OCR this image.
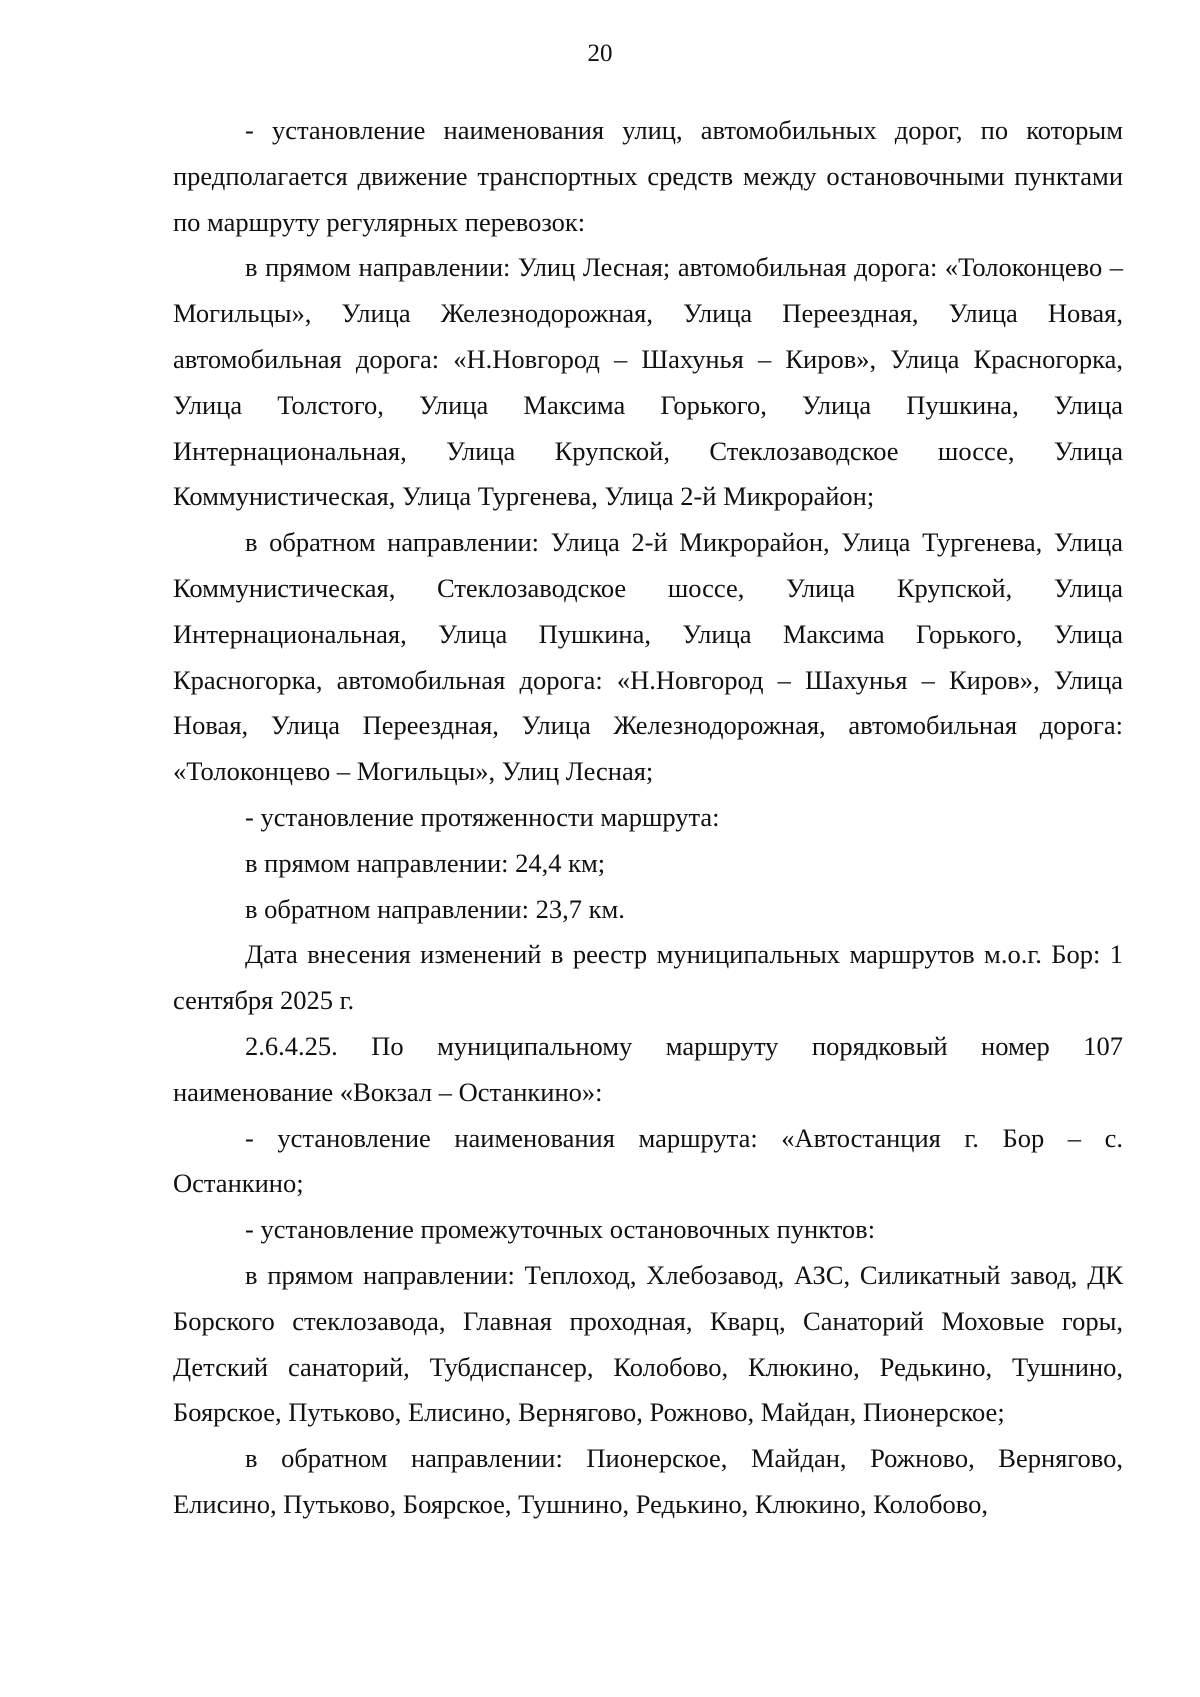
20

- установление наименования улиц, автомобильных дорог, по которым предполагается движение транспортных средств между остановочными пунктами по маршруту регулярных перевозок:

в прямом направлении: Улиц Лесная; автомобильная дорога: «Толоконцево – Могильцы», Улица Железнодорожная, Улица Переездная, Улица Новая, автомобильная дорога: «Н.Новгород – Шахунья – Киров», Улица Красногорка, Улица Толстого, Улица Максима Горького, Улица Пушкина, Улица Интернациональная, Улица Крупской, Стеклозаводское шоссе, Улица Коммунистическая, Улица Тургенева, Улица 2-й Микрорайон;

в обратном направлении: Улица 2-й Микрорайон, Улица Тургенева, Улица Коммунистическая, Стеклозаводское шоссе, Улица Крупской, Улица Интернациональная, Улица Пушкина, Улица Максима Горького, Улица Красногорка, автомобильная дорога: «Н.Новгород – Шахунья – Киров», Улица Новая, Улица Переездная, Улица Железнодорожная, автомобильная дорога: «Толоконцево – Могильцы», Улиц Лесная;

- установление протяженности маршрута:

в прямом направлении: 24,4 км;

в обратном направлении: 23,7 км.

Дата внесения изменений в реестр муниципальных маршрутов м.о.г. Бор: 1 сентября 2025 г.

2.6.4.25. По муниципальному маршруту порядковый номер 107 наименование «Вокзал – Останкино»:

- установление наименования маршрута: «Автостанция г. Бор – с. Останкино;

- установление промежуточных остановочных пунктов:

в прямом направлении: Теплоход, Хлебозавод, АЗС, Силикатный завод, ДК Борского стеклозавода, Главная проходная, Кварц, Санаторий Моховые горы, Детский санаторий, Тубдиспансер, Колобово, Клюкино, Редькино, Тушнино, Боярское, Путьково, Елисино, Вернягово, Рожново, Майдан, Пионерское;

в обратном направлении: Пионерское, Майдан, Рожново, Вернягово, Елисино, Путьково, Боярское, Тушнино, Редькино, Клюкино, Колобово,
